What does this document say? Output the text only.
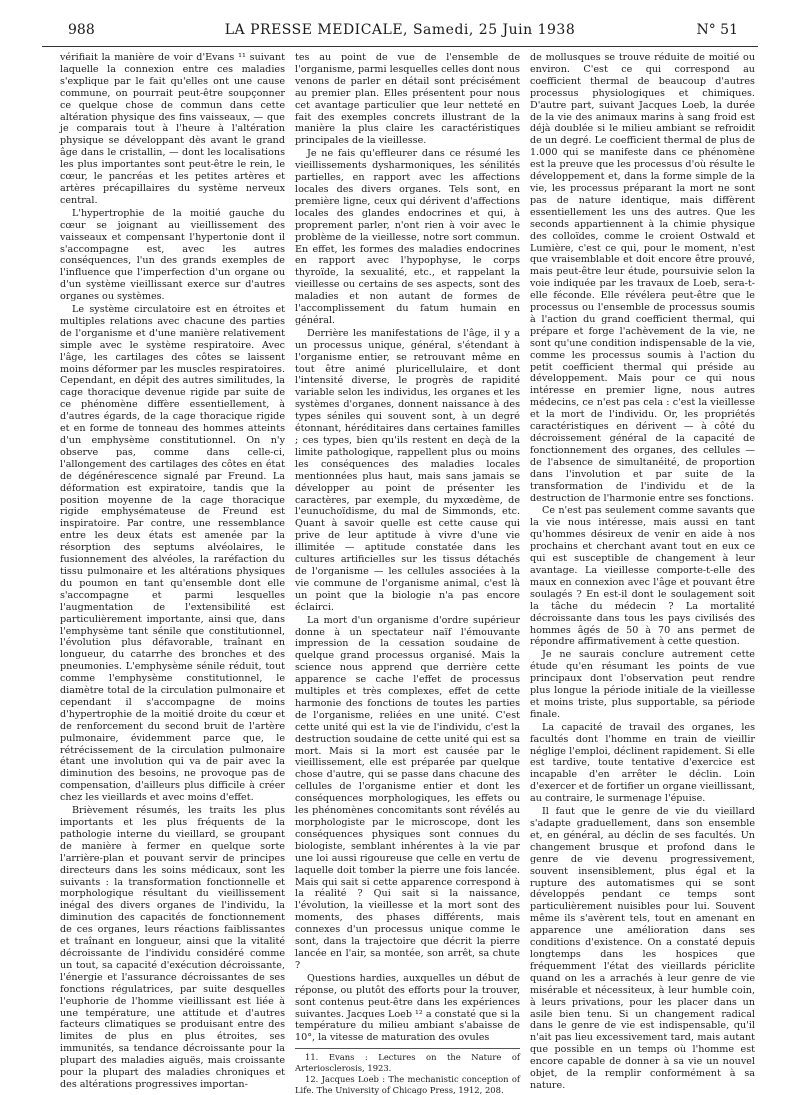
988	LA PRESSE MEDICALE, Samedi, 25 Juin 1938	N° 51

vérifiait la manière de voir d'Evans ¹¹ suivant laquelle la connexion entre ces maladies s'explique par le fait qu'elles ont une cause commune, on pourrait peut-être soupçonner ce quelque chose de commun dans cette altération physique des fins vaisseaux, — que je comparais tout à l'heure à l'altération physique se développant dès avant le grand âge dans le cristallin, — dont les localisations les plus importantes sont peut-être le rein, le cœur, le pancréas et les petites artères et artères précapillaires du système nerveux central.

L'hypertrophie de la moitié gauche du cœur se joignant au vieillissement des vaisseaux et compensant l'hypertonie dont il s'accompagne est, avec les autres conséquences, l'un des grands exemples de l'influence que l'imperfection d'un organe ou d'un système vieillissant exerce sur d'autres organes ou systèmes.

Le système circulatoire est en étroites et multiples relations avec chacune des parties de l'organisme et d'une manière relativement simple avec le système respiratoire. Avec l'âge, les cartilages des côtes se laissent moins déformer par les muscles respiratoires. Cependant, en dépit des autres similitudes, la cage thoracique devenue rigide par suite de ce phénomène diffère essentiellement, à d'autres égards, de la cage thoracique rigide et en forme de tonneau des hommes atteints d'un emphysème constitutionnel. On n'y observe pas, comme dans celle-ci, l'allongement des cartilages des côtes en état de dégénérescence signalé par Freund. La déformation est expiratoire, tandis que la position moyenne de la cage thoracique rigide emphysémateuse de Freund est inspiratoire. Par contre, une ressemblance entre les deux états est amenée par la résorption des septums alvéolaires, le fusionnement des alvéoles, la raréfaction du tissu pulmonaire et les altérations physiques du poumon en tant qu'ensemble dont elle s'accompagne et parmi lesquelles l'augmentation de l'extensibilité est particulièrement importante, ainsi que, dans l'emphysème tant sénile que constitutionnel, l'évolution plus défavorable, traînant en longueur, du catarrhe des bronches et des pneumonies. L'emphysème sénile réduit, tout comme l'emphysème constitutionnel, le diamètre total de la circulation pulmonaire et cependant il s'accompagne de moins d'hypertrophie de la moitié droite du cœur et de renforcement du second bruit de l'artère pulmonaire, évidemment parce que, le rétrécissement de la circulation pulmonaire étant une involution qui va de pair avec la diminution des besoins, ne provoque pas de compensation, d'ailleurs plus difficile à créer chez les vieillards et avec moins d'effet.

Brièvement résumés, les traits les plus importants et les plus fréquents de la pathologie interne du vieillard, se groupant de manière à fermer en quelque sorte l'arrière-plan et pouvant servir de principes directeurs dans les soins médicaux, sont les suivants : la transformation fonctionnelle et morphologique résultant du vieillissement inégal des divers organes de l'individu, la diminution des capacités de fonctionnement de ces organes, leurs réactions faiblissantes et traînant en longueur, ainsi que la vitalité décroissante de l'individu considéré comme un tout, sa capacité d'exécution décroissante, l'énergie et l'assurance décroissantes de ses fonctions régulatrices, par suite desquelles l'euphorie de l'homme vieillissant est liée à une température, une attitude et d'autres facteurs climatiques se produisant entre des limites de plus en plus étroites, ses immunités, sa tendance décroissante pour la plupart des maladies aiguës, mais croissante pour la plupart des maladies chroniques et des altérations progressives importan-

tes au point de vue de l'ensemble de l'organisme, parmi lesquelles celles dont nous venons de parler en détail sont précisément au premier plan. Elles présentent pour nous cet avantage particulier que leur netteté en fait des exemples concrets illustrant de la manière la plus claire les caractéristiques principales de la vieillesse.

Je ne fais qu'effleurer dans ce résumé les vieillissements dysharmoniques, les sénilités partielles, en rapport avec les affections locales des divers organes. Tels sont, en première ligne, ceux qui dérivent d'affections locales des glandes endocrines et qui, à proprement parler, n'ont rien à voir avec le problème de la vieillesse, notre sort commun. En effet, les formes des maladies endocrines en rapport avec l'hypophyse, le corps thyroïde, la sexualité, etc., et rappelant la vieillesse ou certains de ses aspects, sont des maladies et non autant de formes de l'accomplissement du fatum humain en général.

Derrière les manifestations de l'âge, il y a un processus unique, général, s'étendant à l'organisme entier, se retrouvant même en tout être animé pluricellulaire, et dont l'intensité diverse, le progrès de rapidité variable selon les individus, les organes et les systèmes d'organes, donnent naissance à des types séniles qui souvent sont, à un degré étonnant, héréditaires dans certaines familles ; ces types, bien qu'ils restent en deçà de la limite pathologique, rappellent plus ou moins les conséquences des maladies locales mentionnées plus haut, mais sans jamais se développer au point de présenter les caractères, par exemple, du myxœdème, de l'eunuchoïdisme, du mal de Simmonds, etc. Quant à savoir quelle est cette cause qui prive de leur aptitude à vivre d'une vie illimitée — aptitude constatée dans les cultures artificielles sur les tissus détachés de l'organisme — les cellules associées à la vie commune de l'organisme animal, c'est là un point que la biologie n'a pas encore éclairci.

La mort d'un organisme d'ordre supérieur donne à un spectateur naïf l'émouvante impression de la cessation soudaine de quelque grand processus organisé. Mais la science nous apprend que derrière cette apparence se cache l'effet de processus multiples et très complexes, effet de cette harmonie des fonctions de toutes les parties de l'organisme, reliées en une unité. C'est cette unité qui est la vie de l'individu, c'est la destruction soudaine de cette unité qui est sa mort. Mais si la mort est causée par le vieillissement, elle est préparée par quelque chose d'autre, qui se passe dans chacune des cellules de l'organisme entier et dont les conséquences morphologiques, les effets ou les phénomènes concomitants sont révélés au morphologiste par le microscope, dont les conséquences physiques sont connues du biologiste, semblant inhérentes à la vie par une loi aussi rigoureuse que celle en vertu de laquelle doit tomber la pierre une fois lancée. Mais qui sait si cette apparence correspond à la réalité ? Qui sait si la naissance, l'évolution, la vieillesse et la mort sont des moments, des phases différents, mais connexes d'un processus unique comme le sont, dans la trajectoire que décrit la pierre lancée en l'air, sa montée, son arrêt, sa chute ?

Questions hardies, auxquelles un début de réponse, ou plutôt des efforts pour la trouver, sont contenus peut-être dans les expériences suivantes. Jacques Loeb ¹² a constaté que si la température du milieu ambiant s'abaisse de 10°, la vitesse de maturation des ovules

11. Evans : Lectures on the Nature of Arteriosclerosis, 1923.

12. Jacques Loeb : The mechanistic conception of Life. The University of Chicago Press, 1912, 208.

de mollusques se trouve réduite de moitié ou environ. C'est ce qui correspond au coefficient thermal de beaucoup d'autres processus physiologiques et chimiques. D'autre part, suivant Jacques Loeb, la durée de la vie des animaux marins à sang froid est déjà doublée si le milieu ambiant se refroidit de un degré. Le coefficient thermal de plus de 1.000 qui se manifeste dans ce phénomène est la preuve que les processus d'où résulte le développement et, dans la forme simple de la vie, les processus préparant la mort ne sont pas de nature identique, mais diffèrent essentiellement les uns des autres. Que les seconds appartiennent à la chimie physique des colloïdes, comme le croient Ostwald et Lumière, c'est ce qui, pour le moment, n'est que vraisemblable et doit encore être prouvé, mais peut-être leur étude, poursuivie selon la voie indiquée par les travaux de Loeb, sera-t-elle féconde. Elle révélera peut-être que le processus ou l'ensemble de processus soumis à l'action du grand coefficient thermal, qui prépare et forge l'achèvement de la vie, ne sont qu'une condition indispensable de la vie, comme les processus soumis à l'action du petit coefficient thermal qui préside au développement. Mais pour ce qui nous intéresse en premier ligne, nous autres médecins, ce n'est pas cela : c'est la vieillesse et la mort de l'individu. Or, les propriétés caractéristiques en dérivent — à côté du décroissement général de la capacité de fonctionnement des organes, des cellules — de l'absence de simultanéité, de proportion dans l'involution et par suite de la transformation de l'individu et de la destruction de l'harmonie entre ses fonctions.

Ce n'est pas seulement comme savants que la vie nous intéresse, mais aussi en tant qu'hommes désireux de venir en aide à nos prochains et cherchant avant tout en eux ce qui est susceptible de changement à leur avantage. La vieillesse comporte-t-elle des maux en connexion avec l'âge et pouvant être soulagés ? En est-il dont le soulagement soit la tâche du médecin ? La mortalité décroissante dans tous les pays civilisés des hommes âgés de 50 à 70 ans permet de répondre affirmativement à cette question.

Je ne saurais conclure autrement cette étude qu'en résumant les points de vue principaux dont l'observation peut rendre plus longue la période initiale de la vieillesse et moins triste, plus supportable, sa période finale.

La capacité de travail des organes, les facultés dont l'homme en train de vieillir néglige l'emploi, déclinent rapidement. Si elle est tardive, toute tentative d'exercice est incapable d'en arrêter le déclin. Loin d'exercer et de fortifier un organe vieillissant, au contraire, le surmenage l'épuise.

Il faut que le genre de vie du vieillard s'adapte graduellement, dans son ensemble et, en général, au déclin de ses facultés. Un changement brusque et profond dans le genre de vie devenu progressivement, souvent insensiblement, plus égal et la rupture des automatismes qui se sont développés pendant ce temps sont particulièrement nuisibles pour lui. Souvent même ils s'avèrent tels, tout en amenant en apparence une amélioration dans ses conditions d'existence. On a constaté depuis longtemps dans les hospices que fréquemment l'état des vieillards périclite quand on les a arrachés à leur genre de vie misérable et nécessiteux, à leur humble coin, à leurs privations, pour les placer dans un asile bien tenu. Si un changement radical dans le genre de vie est indispensable, qu'il n'ait pas lieu excessivement tard, mais autant que possible en un temps où l'homme est encore capable de donner à sa vie un nouvel objet, de la remplir conformément à sa nature.
